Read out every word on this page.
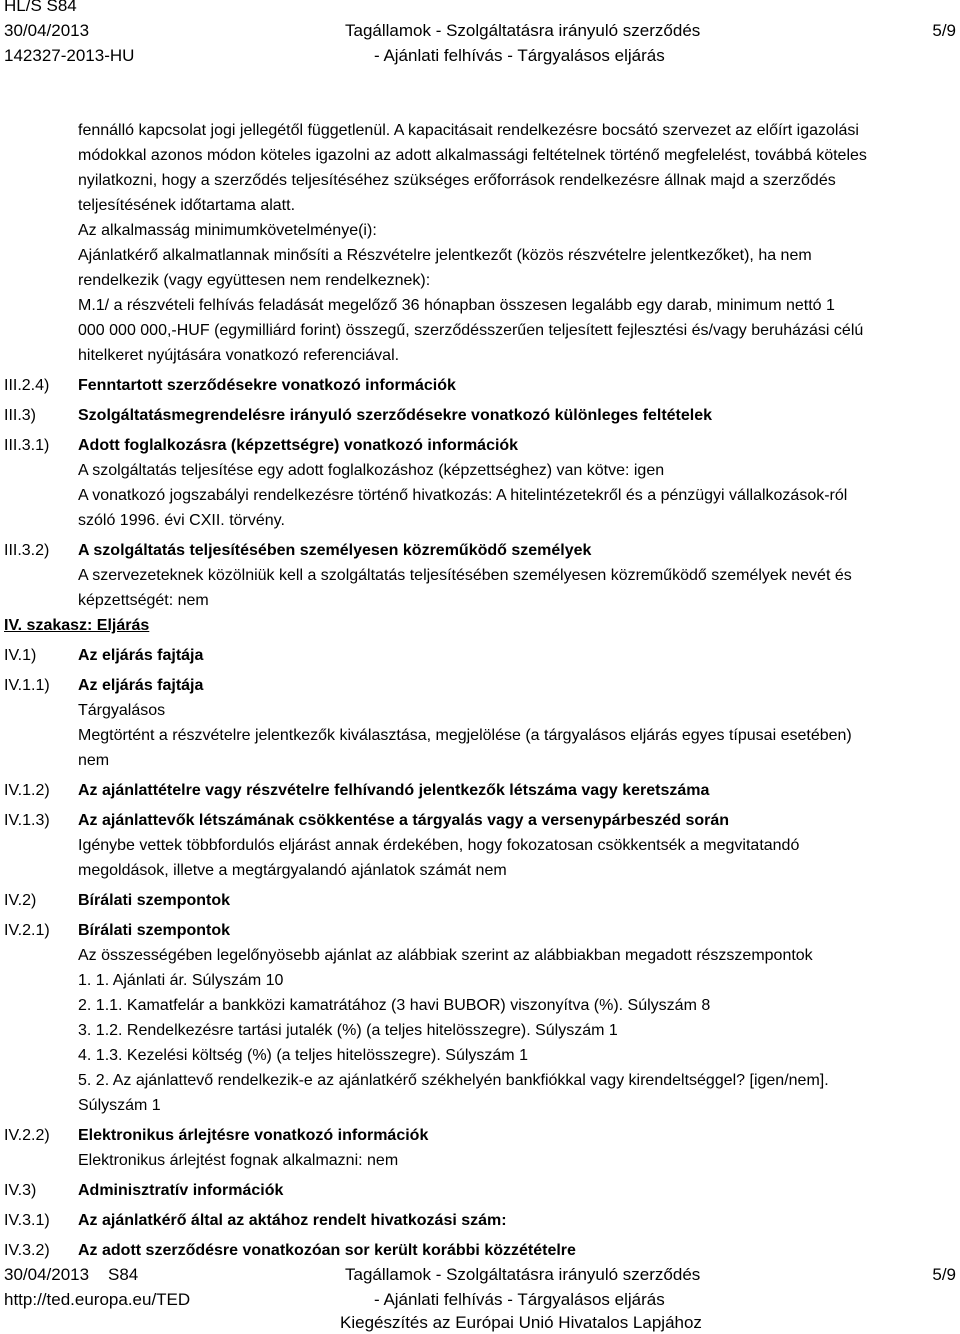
HL/S S84
30/04/2013
142327-2013-HU
Tagállamok - Szolgáltatásra irányuló szerződés
- Ajánlati felhívás - Tárgyalásos eljárás
5/9

fennálló kapcsolat jogi jellegétől függetlenül. A kapacitásait rendelkezésre bocsátó szervezet az előírt igazolási

módokkal azonos módon köteles igazolni az adott alkalmassági feltételnek történő megfelelést, továbbá köteles

nyilatkozni, hogy a szerződés teljesítéséhez szükséges erőforrások rendelkezésre állnak majd a szerződés

teljesítésének időtartama alatt.

Az alkalmasság minimumkövetelménye(i):

Ajánlatkérő alkalmatlannak minősíti a Részvételre jelentkezőt (közös részvételre jelentkezőket), ha nem

rendelkezik (vagy együttesen nem rendelkeznek):

M.1/ a részvételi felhívás feladását megelőző 36 hónapban összesen legalább egy darab, minimum nettó 1

000 000 000,-HUF (egymilliárd forint) összegű, szerződésszerűen teljesített fejlesztési és/vagy beruházási célú

hitelkeret nyújtására vonatkozó referenciával.

III.2.4) Fenntartott szerződésekre vonatkozó információk

III.3)	Szolgáltatásmegrendelésre irányuló szerződésekre vonatkozó különleges feltételek

III.3.1) Adott foglalkozásra (képzettségre) vonatkozó információk

A szolgáltatás teljesítése egy adott foglalkozáshoz (képzettséghez) van kötve: igen

A vonatkozó jogszabályi rendelkezésre történő hivatkozás: A hitelintézetekről és a pénzügyi vállalkozások-ról

szóló 1996. évi CXII. törvény.

III.3.2) A szolgáltatás teljesítésében személyesen közreműködő személyek

A szervezeteknek közölniük kell a szolgáltatás teljesítésében személyesen közreműködő személyek nevét és

képzettségét: nem

IV. szakasz: Eljárás
IV.1)	Az eljárás fajtája

IV.1.1) Az eljárás fajtája

Tárgyalásos

Megtörtént a részvételre jelentkezők kiválasztása, megjelölése (a tárgyalásos eljárás egyes típusai esetében)

nem

IV.1.2) Az ajánlattételre vagy részvételre felhívandó jelentkezők létszáma vagy keretszáma

IV.1.3) Az ajánlattevők létszámának csökkentése a tárgyalás vagy a versenypárbeszéd során

Igénybe vettek többfordulós eljárást annak érdekében, hogy fokozatosan csökkentsék a megvitatandó

megoldások, illetve a megtárgyalandó ajánlatok számát nem

IV.2)	Bírálati szempontok

IV.2.1) Bírálati szempontok

Az összességében legelőnyösebb ajánlat az alábbiak szerint az alábbiakban megadott részszempontok

1. 1. Ajánlati ár. Súlyszám 10

2. 1.1. Kamatfelár a bankközi kamatrátához (3 havi BUBOR) viszonyítva (%). Súlyszám 8

3. 1.2. Rendelkezésre tartási jutalék (%) (a teljes hitelösszegre). Súlyszám 1

4. 1.3. Kezelési költség (%) (a teljes hitelösszegre). Súlyszám 1

5. 2. Az ajánlattevő rendelkezik-e az ajánlatkérő székhelyén bankfiókkal vagy kirendeltséggel? [igen/nem].

Súlyszám 1

IV.2.2) Elektronikus árlejtésre vonatkozó információk

Elektronikus árlejtést fognak alkalmazni: nem

IV.3)	Adminisztratív információk

IV.3.1) Az ajánlatkérő által az aktához rendelt hivatkozási szám:

IV.3.2) Az adott szerződésre vonatkozóan sor került korábbi közzétételre

30/04/2013    S84
http://ted.europa.eu/TED
Tagállamok - Szolgáltatásra irányuló szerződés
- Ajánlati felhívás - Tárgyalásos eljárás
Kiegészítés az Európai Unió Hivatalos Lapjához
5/9
